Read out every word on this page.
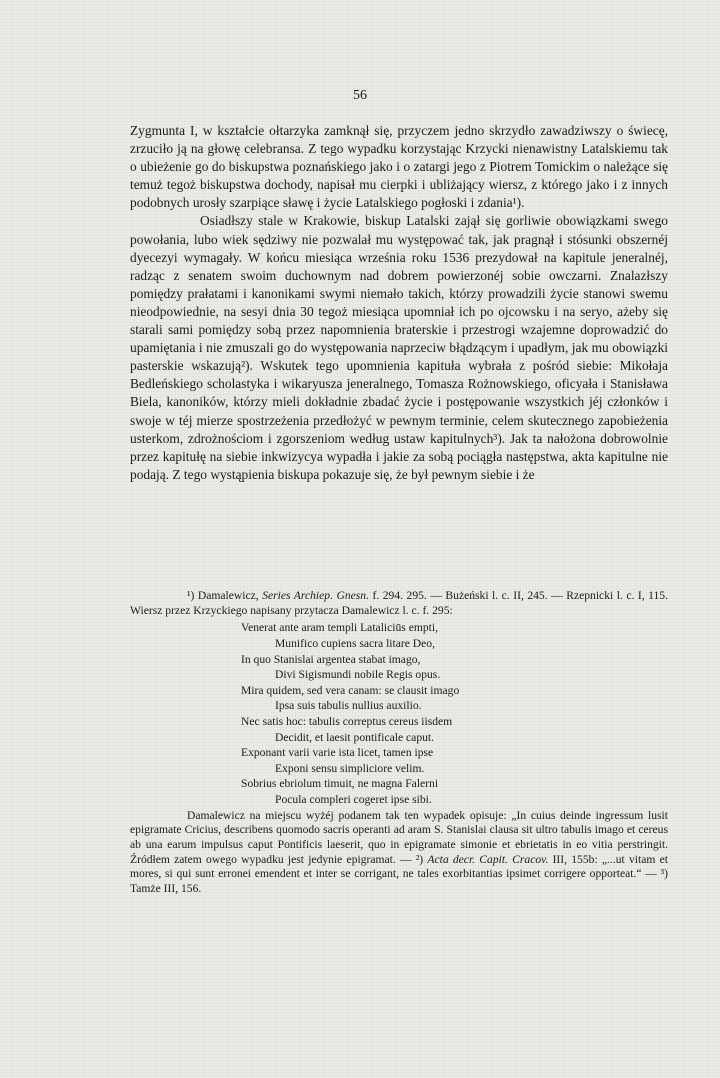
56

Zygmunta I, w kształcie ołtarzyka zamknął się, przyczem jedno skrzydło zawadziwszy o świecę, zrzuciło ją na głowę celebransa. Z tego wypadku korzystając Krzycki nienawistny Latalskiemu tak o ubieżenie go do biskupstwa poznańskiego jako i o zatargi jego z Piotrem Tomickim o należące się temuż tegoż biskupstwa dochody, napisał mu cierpki i ubliżający wiersz, z którego jako i z innych podobnych urosły szarpiące sławę i życie Latalskiego pogłoski i zdania¹).

Osiadłszy stale w Krakowie, biskup Latalski zajął się gorliwie obowiązkami swego powołania, lubo wiek sędziwy nie pozwalał mu występować tak, jak pragnął i stósunki obszernéj dyecezyi wymagały. W końcu miesiąca września roku 1536 prezydował na kapitule jeneralnéj, radząc z senatem swoim duchownym nad dobrem powierzonéj sobie owczarni. Znalazłszy pomiędzy prałatami i kanonikami swymi niemało takich, którzy prowadzili życie stanowi swemu nieodpowiednie, na sesyi dnia 30 tegoż miesiąca upomniał ich po ojcowsku i na seryo, ażeby się starali sami pomiędzy sobą przez napomnienia braterskie i przestrogi wzajemne doprowadzić do upamiętania i nie zmuszali go do występowania naprzeciw błądzącym i upadłym, jak mu obowiązki pasterskie wskazują²). Wskutek tego upomnienia kapituła wybrała z pośród siebie: Mikołaja Bedleńskiego scholastyka i wikaryusza jeneralnego, Tomasza Rożnowskiego, oficyała i Stanisława Biela, kanoników, którzy mieli dokładnie zbadać życie i postępowanie wszystkich jéj członków i swoje w téj mierze spostrzeżenia przedłożyć w pewnym terminie, celem skutecznego zapobieżenia usterkom, zdrożnościom i zgorszeniom według ustaw kapitulnych³). Jak ta nałożona dobrowolnie przez kapitułę na siebie inkwizycya wypadła i jakie za sobą pociągła następstwa, akta kapitulne nie podają. Z tego wystąpienia biskupa pokazuje się, że był pewnym siebie i że

¹) Damalewicz, Series Archiep. Gnesn. f. 294. 295. — Bużeński l. c. II, 245. — Rzepnicki l. c. I, 115. Wiersz przez Krzyckiego napisany przytacza Damalewicz l. c. f. 295:

Venerat ante aram templi Lataliciūs empti,
Munifico cupiens sacra litare Deo,
In quo Stanislai argentea stabat imago,
Divi Sigismundi nobile Regis opus.
Mira quidem, sed vera canam: se clausit imago
Ipsa suis tabulis nullius auxilio.
Nec satis hoc: tabulis correptus cereus iisdem
Decidit, et laesit pontificale caput.
Exponant varii varie ista licet, tamen ipse
Exponi sensu simpliciore velim.
Sobrius ebriolum timuit, ne magna Falerni
Pocula compleri cogeret ipse sibi.

Damalewicz na miejscu wyżéj podanem tak ten wypadek opisuje: „In cuius deinde ingressum lusit epigramate Cricius, describens quomodo sacris operanti ad aram S. Stanislai clausa sit ultro tabulis imago et cereus ab una earum impulsus caput Pontificis laeserit, quo in epigramate simonie et ebrietatis in eo vitia perstringit. Źródłem zatem owego wypadku jest jedynie epigramat. — ²) Acta decr. Capit. Cracov. III, 155b: „...ut vitam et mores, si qui sunt erronei emendent et inter se corrigant, ne tales exorbitantias ipsimet corrigere opporteat.“ — ³) Tamże III, 156.
